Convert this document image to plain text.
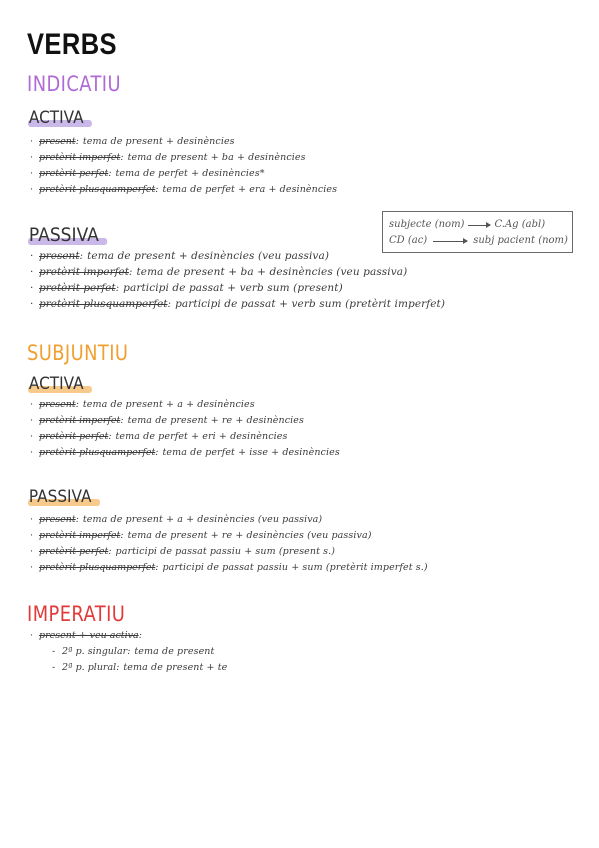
VERBS
INDICATIU
ACTIVA
· present : tema de present + desinències
· pretèrit imperfet : tema de present + ba + desinències
· pretèrit perfet : tema de perfet + desinències*
· pretèrit plusquamperfet : tema de perfet + era + desinències
PASSIVA	subjecte (nom)	C.Ag (abl)
CD (ac)	subj pacient (nom)
· present : tema de present + desinències (veu passiva)
· pretèrit imperfet : tema de present + ba + desinències (veu passiva)
· pretèrit perfet : participi de passat + verb sum (present)
· pretèrit plusquamperfet : participi de passat + verb sum (pretèrit imperfet)
SUBJUNTIU
ACTIVA
· present : tema de present + a + desinències
· pretèrit imperfet : tema de present + re + desinències
· pretèrit perfet : tema de perfet + eri + desinències
· pretèrit plusquamperfet : tema de perfet + isse + desinències
PASSIVA
· present : tema de present + a + desinències (veu passiva)
· pretèrit imperfet : tema de present + re + desinències (veu passiva)
· pretèrit perfet : participi de passat passiu + sum (present s.)
· pretèrit plusquamperfet : participi de passat passiu + sum (pretèrit imperfet s.)
IMPERATIU
· present + veu activa :
- 2ª p. singular : tema de present
- 2ª p. plural : tema de present + te
